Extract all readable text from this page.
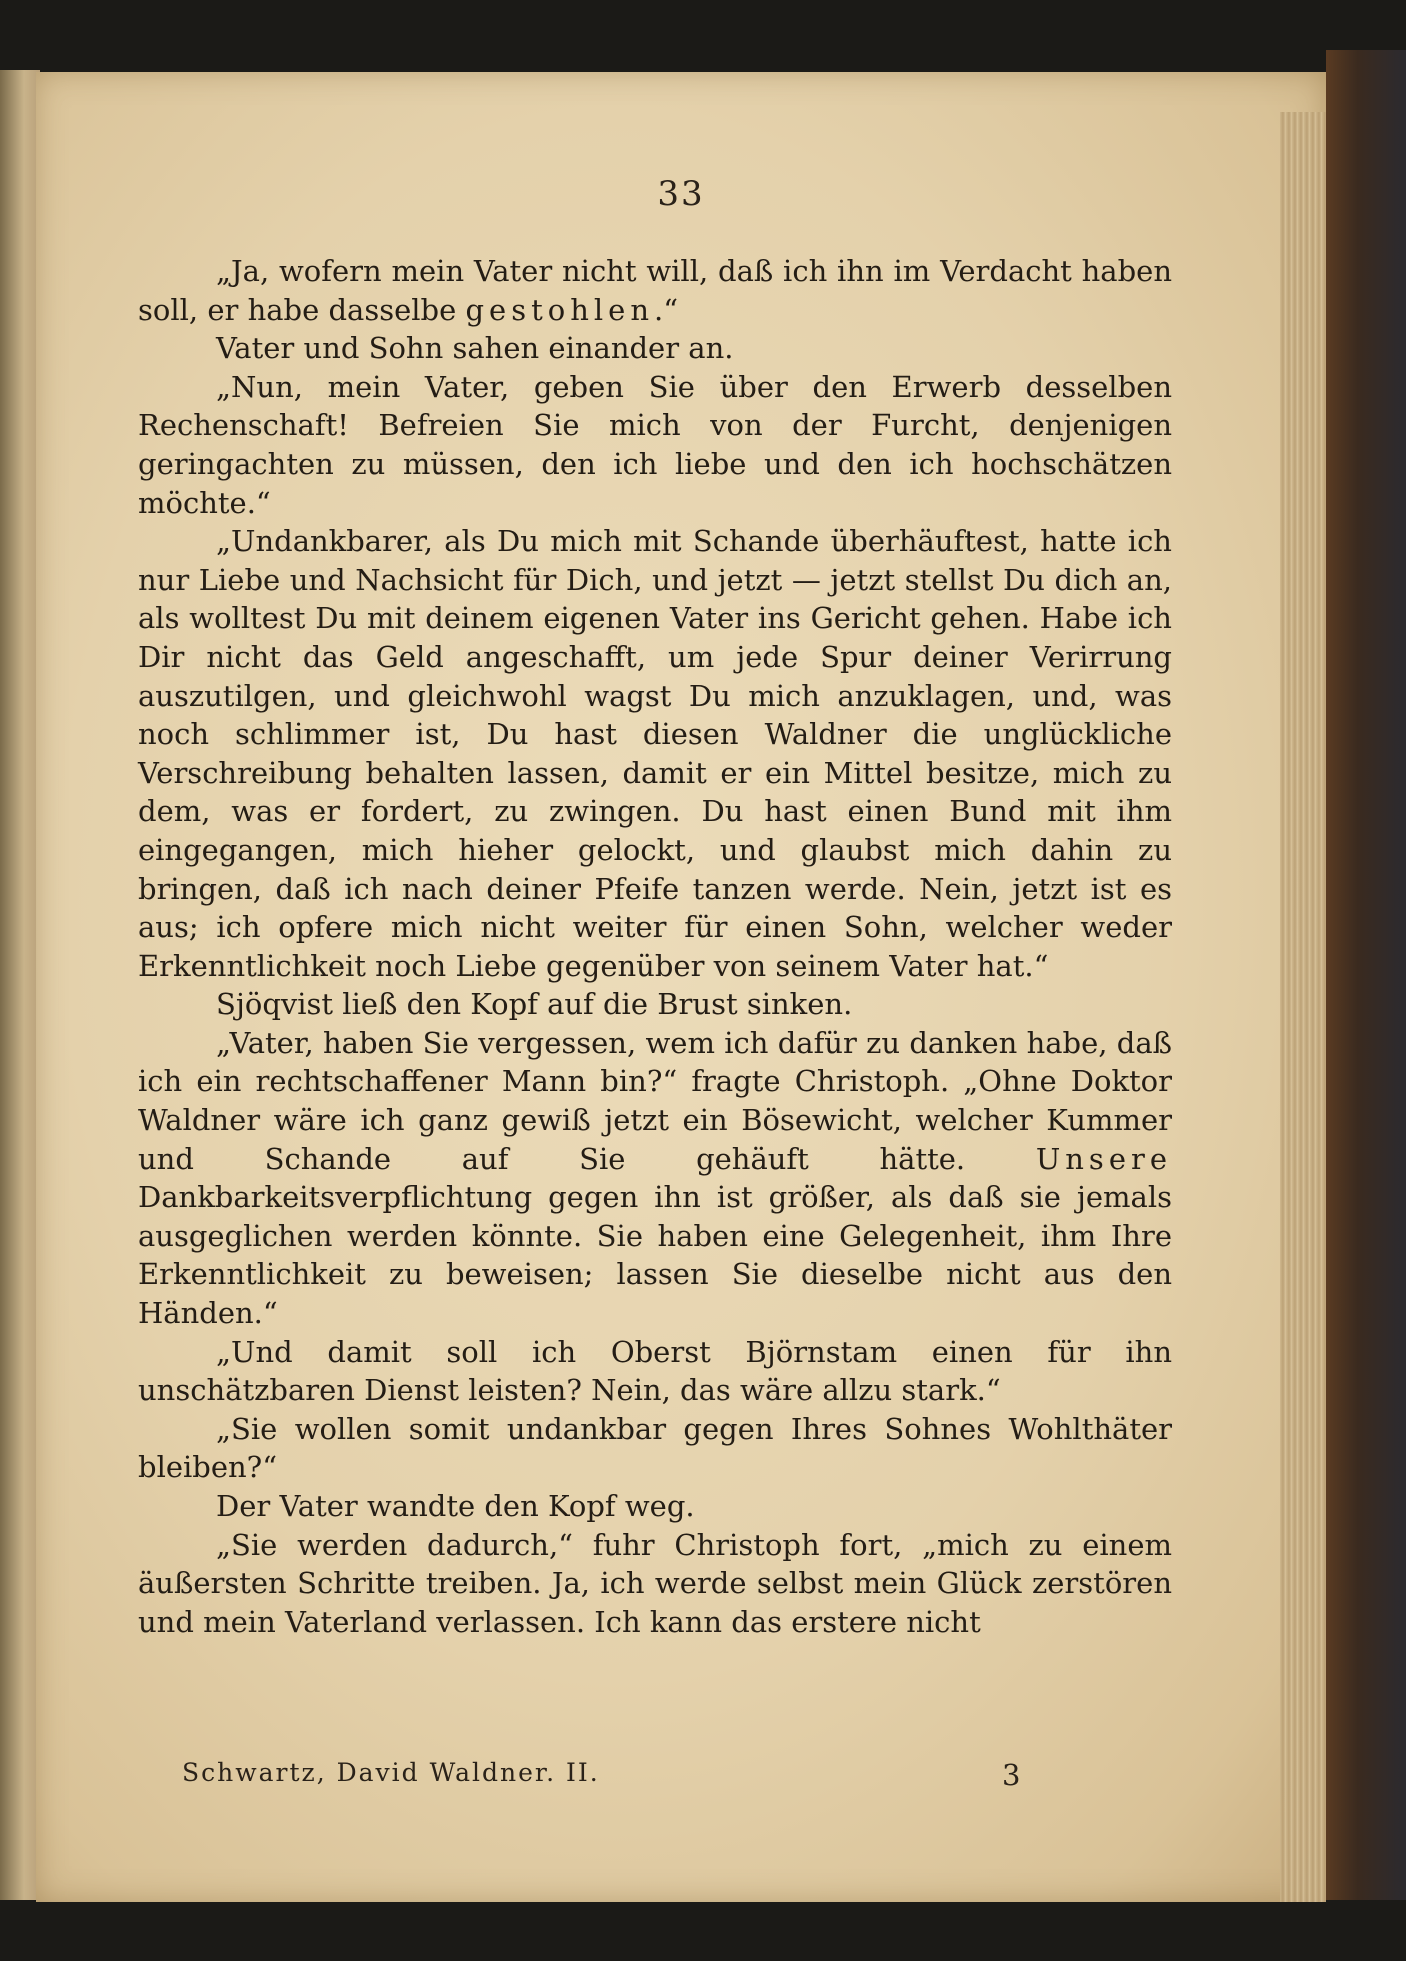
33

„Ja, wofern mein Vater nicht will, daß ich ihn im Verdacht haben soll, er habe dasselbe gestohlen.“

Vater und Sohn sahen einander an.

„Nun, mein Vater, geben Sie über den Erwerb desselben Rechenschaft! Befreien Sie mich von der Furcht, denjenigen geringachten zu müssen, den ich liebe und den ich hochschätzen möchte.“

„Undankbarer, als Du mich mit Schande überhäuftest, hatte ich nur Liebe und Nachsicht für Dich, und jetzt — jetzt stellst Du dich an, als wolltest Du mit deinem eigenen Vater ins Gericht gehen. Habe ich Dir nicht das Geld angeschafft, um jede Spur deiner Verirrung auszutilgen, und gleichwohl wagst Du mich anzuklagen, und, was noch schlimmer ist, Du hast diesen Waldner die unglückliche Verschreibung behalten lassen, damit er ein Mittel besitze, mich zu dem, was er fordert, zu zwingen. Du hast einen Bund mit ihm eingegangen, mich hieher gelockt, und glaubst mich dahin zu bringen, daß ich nach deiner Pfeife tanzen werde. Nein, jetzt ist es aus; ich opfere mich nicht weiter für einen Sohn, welcher weder Erkenntlichkeit noch Liebe gegenüber von seinem Vater hat.“

Sjöqvist ließ den Kopf auf die Brust sinken.

„Vater, haben Sie vergessen, wem ich dafür zu danken habe, daß ich ein rechtschaffener Mann bin?“ fragte Christoph. „Ohne Doktor Waldner wäre ich ganz gewiß jetzt ein Bösewicht, welcher Kummer und Schande auf Sie gehäuft hätte. Unsere Dankbarkeitsverpflichtung gegen ihn ist größer, als daß sie jemals ausgeglichen werden könnte. Sie haben eine Gelegenheit, ihm Ihre Erkenntlichkeit zu beweisen; lassen Sie dieselbe nicht aus den Händen.“

„Und damit soll ich Oberst Björnstam einen für ihn unschätzbaren Dienst leisten? Nein, das wäre allzu stark.“

„Sie wollen somit undankbar gegen Ihres Sohnes Wohlthäter bleiben?“

Der Vater wandte den Kopf weg.

„Sie werden dadurch,“ fuhr Christoph fort, „mich zu einem äußersten Schritte treiben. Ja, ich werde selbst mein Glück zerstören und mein Vaterland verlassen. Ich kann das erstere nicht

Schwartz, David Waldner. II.	3
